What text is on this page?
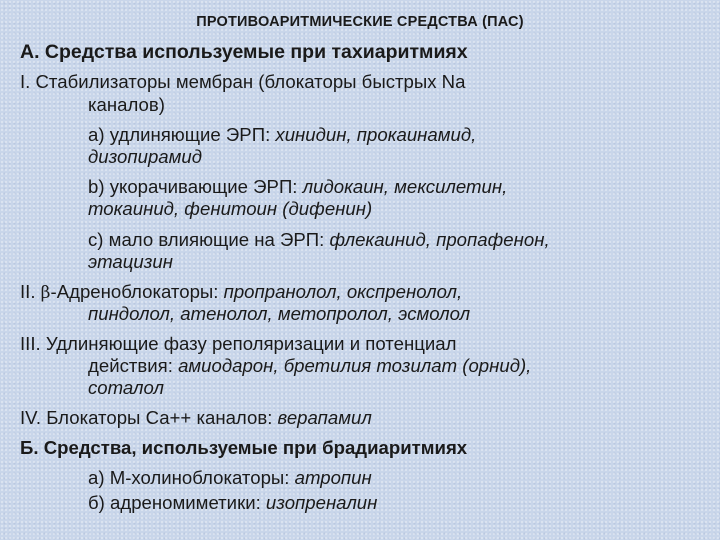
ПРОТИВОАРИТМИЧЕСКИЕ СРЕДСТВА (ПАС)
А. Средства используемые при тахиаритмиях
I. Стабилизаторы мембран (блокаторы быстрых Na
каналов)
а) удлиняющие ЭРП: хинидин, прокаинамид,
дизопирамид
b) укорачивающие ЭРП: лидокаин, мексилетин,
токаинид, фенитоин (дифенин)
с) мало влияющие на ЭРП: флекаинид, пропафенон,
этацизин
II. β-Адреноблокаторы: пропранолол, окспренолол,
пиндолол, атенолол, метопролол, эсмолол
III. Удлиняющие фазу реполяризации и потенциал
действия: амиодарон, бретилия тозилат (орнид),
соталол
IV. Блокаторы Са++ каналов: верапамил
Б. Средства, используемые при брадиаритмиях
а) М-холиноблокаторы: атропин
б) адреномиметики: изопреналин
